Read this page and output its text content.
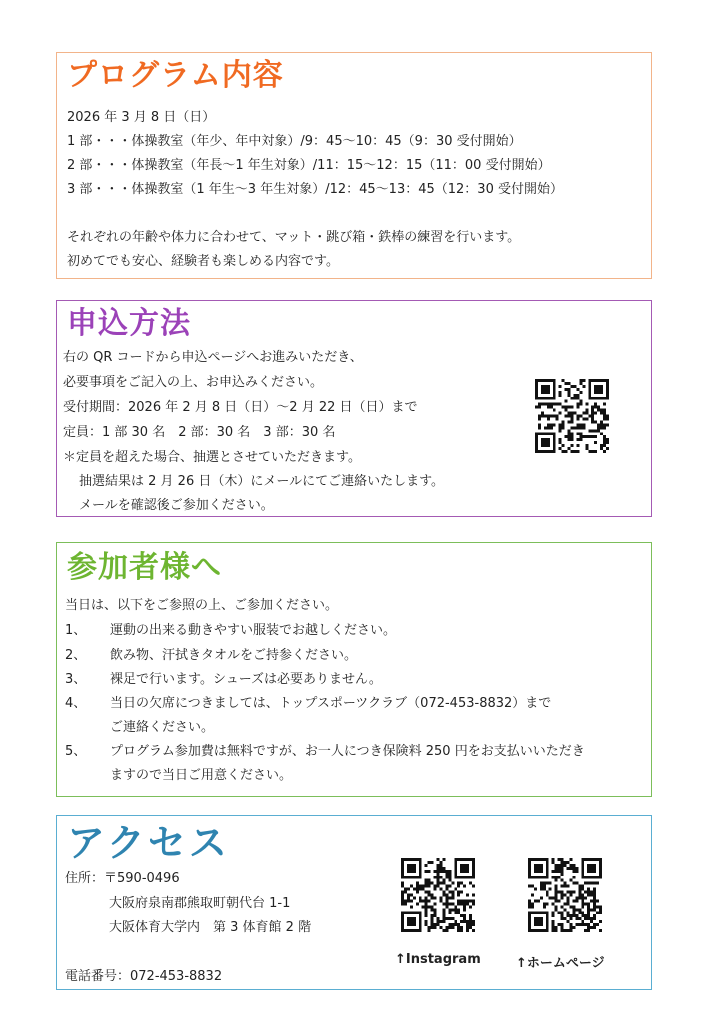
プログラム内容
2026 年 3 月 8 日（日）
1 部・・・体操教室（年少、年中対象）/9：45〜10：45（9：30 受付開始）
2 部・・・体操教室（年長〜1 年生対象）/11：15〜12：15（11：00 受付開始）
3 部・・・体操教室（1 年生〜3 年生対象）/12：45〜13：45（12：30 受付開始）
それぞれの年齢や体力に合わせて、マット・跳び箱・鉄棒の練習を行います。
初めてでも安心、経験者も楽しめる内容です。
申込方法
右の QR コードから申込ページへお進みいただき、
必要事項をご記入の上、お申込みください。
受付期間：2026 年 2 月 8 日（日）〜2 月 22 日（日）まで
定員：1 部 30 名　2 部：30 名　3 部：30 名
＊定員を超えた場合、抽選とさせていただきます。
抽選結果は 2 月 26 日（木）にメールにてご連絡いたします。
メールを確認後ご参加ください。
参加者様へ
当日は、以下をご参照の上、ご参加ください。
1、 運動の出来る動きやすい服装でお越しください。
2、 飲み物、汗拭きタオルをご持参ください。
3、 裸足で行います。シューズは必要ありません。
4、 当日の欠席につきましては、トップスポーツクラブ（072-453-8832）まで
ご連絡ください。
5、 プログラム参加費は無料ですが、お一人につき保険料 250 円をお支払いいただき
ますので当日ご用意ください。
アクセス
住所：〒590-0496
大阪府泉南郡熊取町朝代台 1-1
大阪体育大学内　第 3 体育館 2 階
電話番号：072-453-8832
↑Instagram	↑ホームページ
